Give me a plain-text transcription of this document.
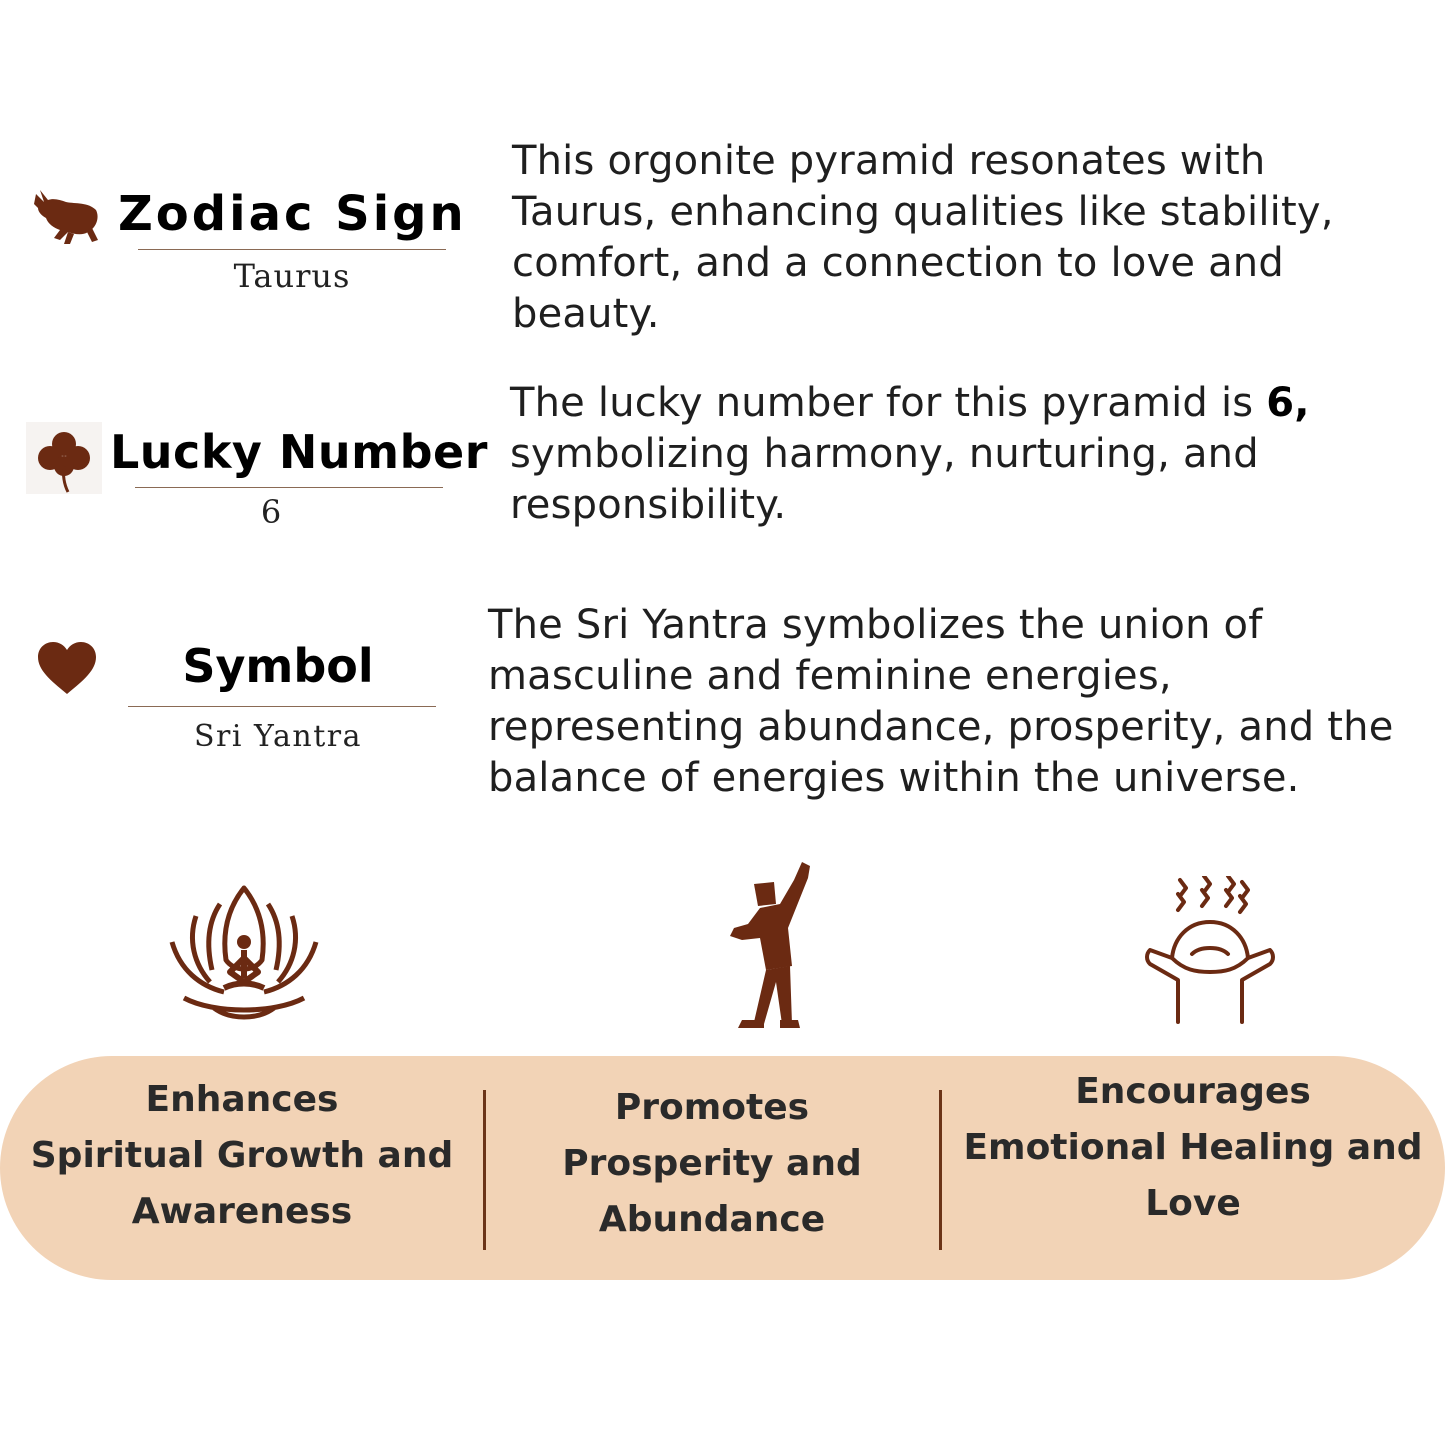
Zodiac Sign
Taurus
This orgonite pyramid resonates with Taurus, enhancing qualities like stability, comfort, and a connection to love and beauty.
Lucky Number
6
The lucky number for this pyramid is 6, symbolizing harmony, nurturing, and responsibility.
Symbol
Sri Yantra
The Sri Yantra symbolizes the union of masculine and feminine energies, representing abundance, prosperity, and the balance of energies within the universe.
Enhances
Spiritual Growth and
Awareness
Promotes
Prosperity and
Abundance
Encourages
Emotional Healing and
Love
